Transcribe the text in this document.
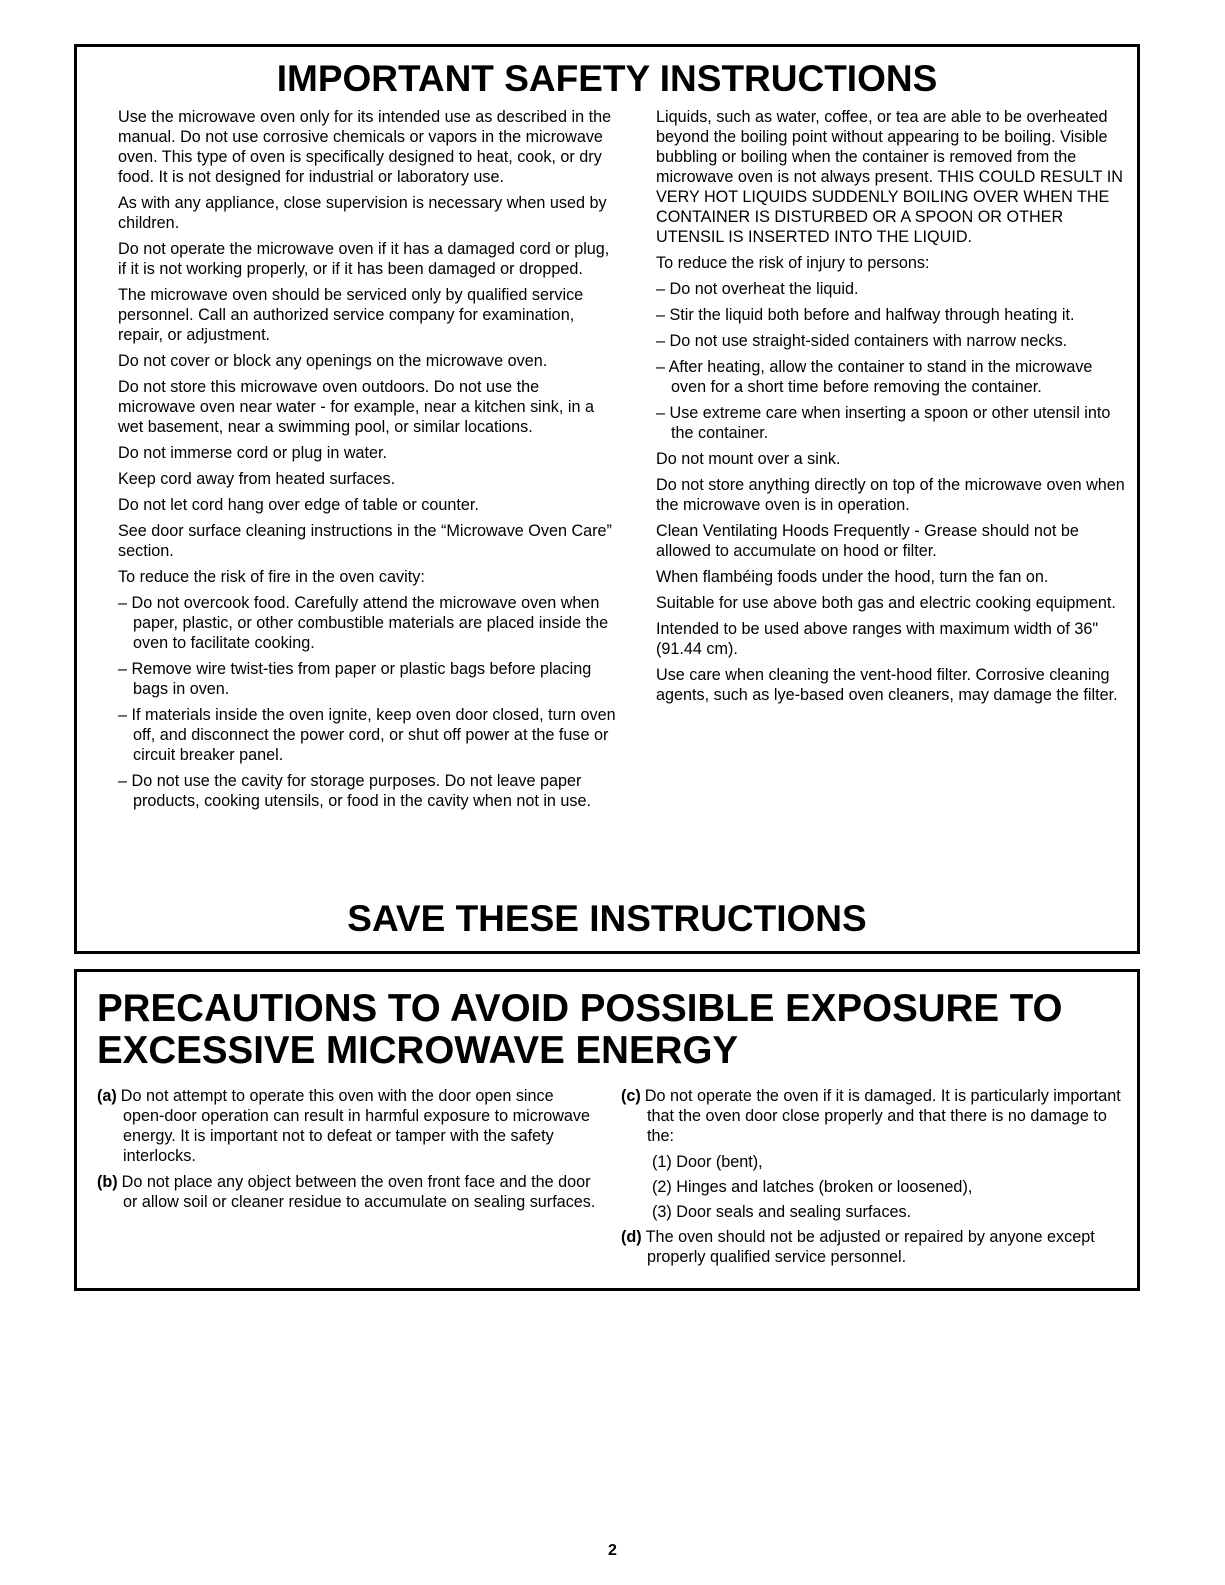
IMPORTANT SAFETY INSTRUCTIONS

Use the microwave oven only for its intended use as described in the manual. Do not use corrosive chemicals or vapors in the microwave oven. This type of oven is specifically designed to heat, cook, or dry food. It is not designed for industrial or laboratory use.

As with any appliance, close supervision is necessary when used by children.

Do not operate the microwave oven if it has a damaged cord or plug, if it is not working properly, or if it has been damaged or dropped.

The microwave oven should be serviced only by qualified service personnel. Call an authorized service company for examination, repair, or adjustment.

Do not cover or block any openings on the microwave oven.

Do not store this microwave oven outdoors. Do not use the microwave oven near water - for example, near a kitchen sink, in a wet basement, near a swimming pool, or similar locations.

Do not immerse cord or plug in water.

Keep cord away from heated surfaces.

Do not let cord hang over edge of table or counter.

See door surface cleaning instructions in the “Microwave Oven Care” section.

To reduce the risk of fire in the oven cavity:

– Do not overcook food. Carefully attend the microwave oven when paper, plastic, or other combustible materials are placed inside the oven to facilitate cooking.

– Remove wire twist-ties from paper or plastic bags before placing bags in oven.

– If materials inside the oven ignite, keep oven door closed, turn oven off, and disconnect the power cord, or shut off power at the fuse or circuit breaker panel.

– Do not use the cavity for storage purposes. Do not leave paper products, cooking utensils, or food in the cavity when not in use.

Liquids, such as water, coffee, or tea are able to be overheated beyond the boiling point without appearing to be boiling. Visible bubbling or boiling when the container is removed from the microwave oven is not always present. THIS COULD RESULT IN VERY HOT LIQUIDS SUDDENLY BOILING OVER WHEN THE CONTAINER IS DISTURBED OR A SPOON OR OTHER UTENSIL IS INSERTED INTO THE LIQUID.

To reduce the risk of injury to persons:

– Do not overheat the liquid.

– Stir the liquid both before and halfway through heating it.

– Do not use straight-sided containers with narrow necks.

– After heating, allow the container to stand in the microwave oven for a short time before removing the container.

– Use extreme care when inserting a spoon or other utensil into the container.

Do not mount over a sink.

Do not store anything directly on top of the microwave oven when the microwave oven is in operation.

Clean Ventilating Hoods Frequently - Grease should not be allowed to accumulate on hood or filter.

When flambéing foods under the hood, turn the fan on.

Suitable for use above both gas and electric cooking equipment.

Intended to be used above ranges with maximum width of 36" (91.44 cm).

Use care when cleaning the vent-hood filter. Corrosive cleaning agents, such as lye-based oven cleaners, may damage the filter.

SAVE THESE INSTRUCTIONS
PRECAUTIONS TO AVOID POSSIBLE EXPOSURE TO EXCESSIVE MICROWAVE ENERGY

(a) Do not attempt to operate this oven with the door open since open-door operation can result in harmful exposure to microwave energy. It is important not to defeat or tamper with the safety interlocks.

(b) Do not place any object between the oven front face and the door or allow soil or cleaner residue to accumulate on sealing surfaces.

(c) Do not operate the oven if it is damaged. It is particularly important that the oven door close properly and that there is no damage to the:

(1) Door (bent),

(2) Hinges and latches (broken or loosened),

(3) Door seals and sealing surfaces.

(d) The oven should not be adjusted or repaired by anyone except properly qualified service personnel.

2
